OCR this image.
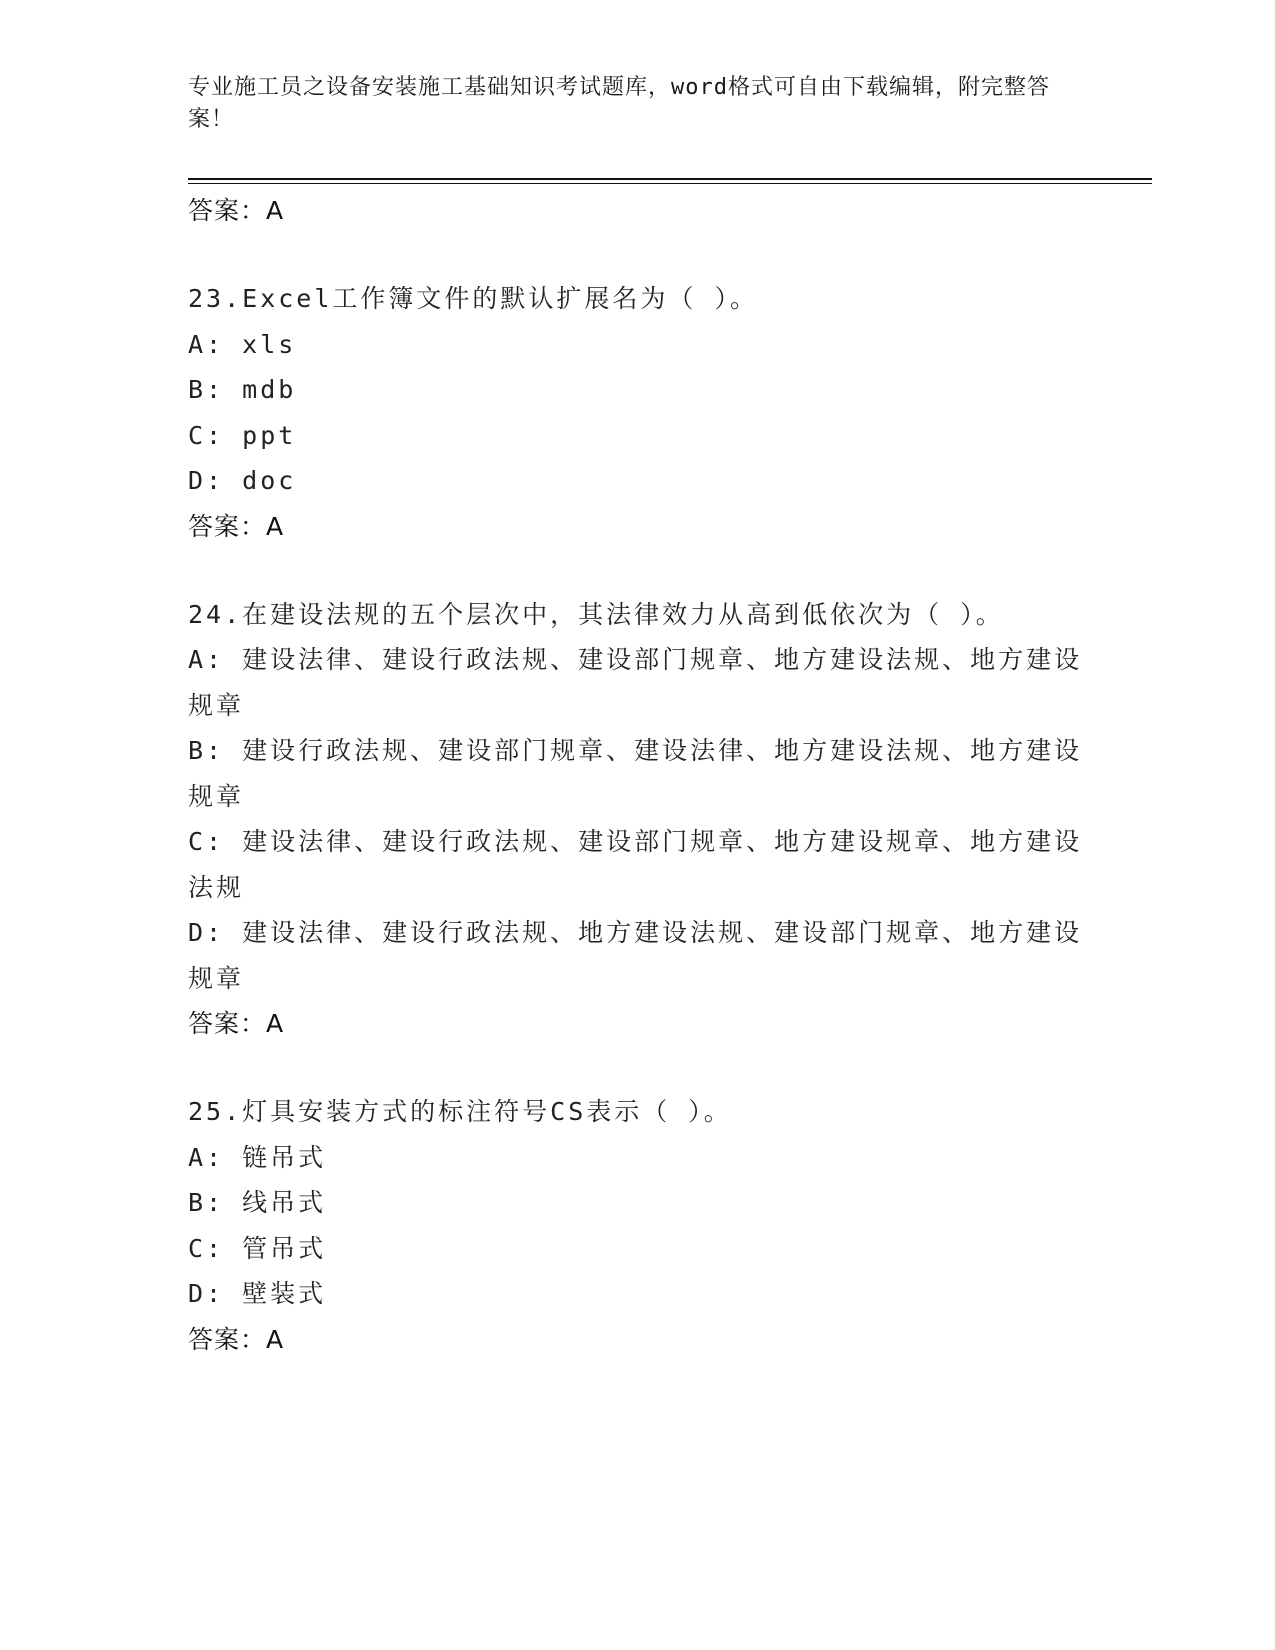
专业施工员之设备安装施工基础知识考试题库，word格式可自由下载编辑，附完整答案！
答案：A
23.Excel工作簿文件的默认扩展名为（ ）。
A: xls
B: mdb
C: ppt
D: doc
答案：A
24.在建设法规的五个层次中，其法律效力从高到低依次为（ ）。
A: 建设法律、建设行政法规、建设部门规章、地方建设法规、地方建设规章
B: 建设行政法规、建设部门规章、建设法律、地方建设法规、地方建设规章
C: 建设法律、建设行政法规、建设部门规章、地方建设规章、地方建设法规
D: 建设法律、建设行政法规、地方建设法规、建设部门规章、地方建设规章
答案：A
25.灯具安装方式的标注符号CS表示（ ）。
A: 链吊式
B: 线吊式
C: 管吊式
D: 壁装式
答案：A
